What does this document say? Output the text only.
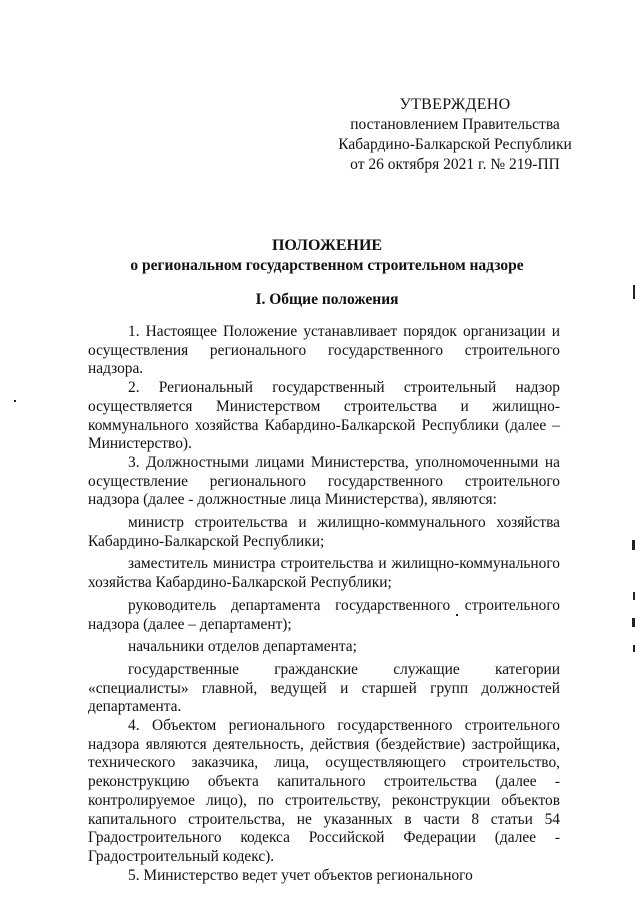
УТВЕРЖДЕНО
постановлением Правительства
Кабардино-Балкарской Республики
от 26 октября 2021 г. № 219-ПП
ПОЛОЖЕНИЕ
о региональном государственном строительном надзоре
I. Общие положения

1. Настоящее Положение устанавливает порядок организации и осуществления регионального государственного строительного надзора.

2. Региональный государственный строительный надзор осуществляется Министерством строительства и жилищно-коммунального хозяйства Кабардино-Балкарской Республики (далее – Министерство).

3. Должностными лицами Министерства, уполномоченными на осуществление регионального государственного строительного надзора (далее - должностные лица Министерства), являются:

министр строительства и жилищно-коммунального хозяйства Кабардино-Балкарской Республики;

заместитель министра строительства и жилищно-коммунального хозяйства Кабардино-Балкарской Республики;

руководитель департамента государственного строительного надзора (далее – департамент);

начальники отделов департамента;

государственные гражданские служащие категории «специалисты» главной, ведущей и старшей групп должностей департамента.

4. Объектом регионального государственного строительного надзора являются деятельность, действия (бездействие) застройщика, технического заказчика, лица, осуществляющего строительство, реконструкцию объекта капитального строительства (далее - контролируемое лицо), по строительству, реконструкции объектов капитального строительства, не указанных в части 8 статьи 54 Градостроительного кодекса Российской Федерации (далее - Градостроительный кодекс).

5. Министерство ведет учет объектов регионального
